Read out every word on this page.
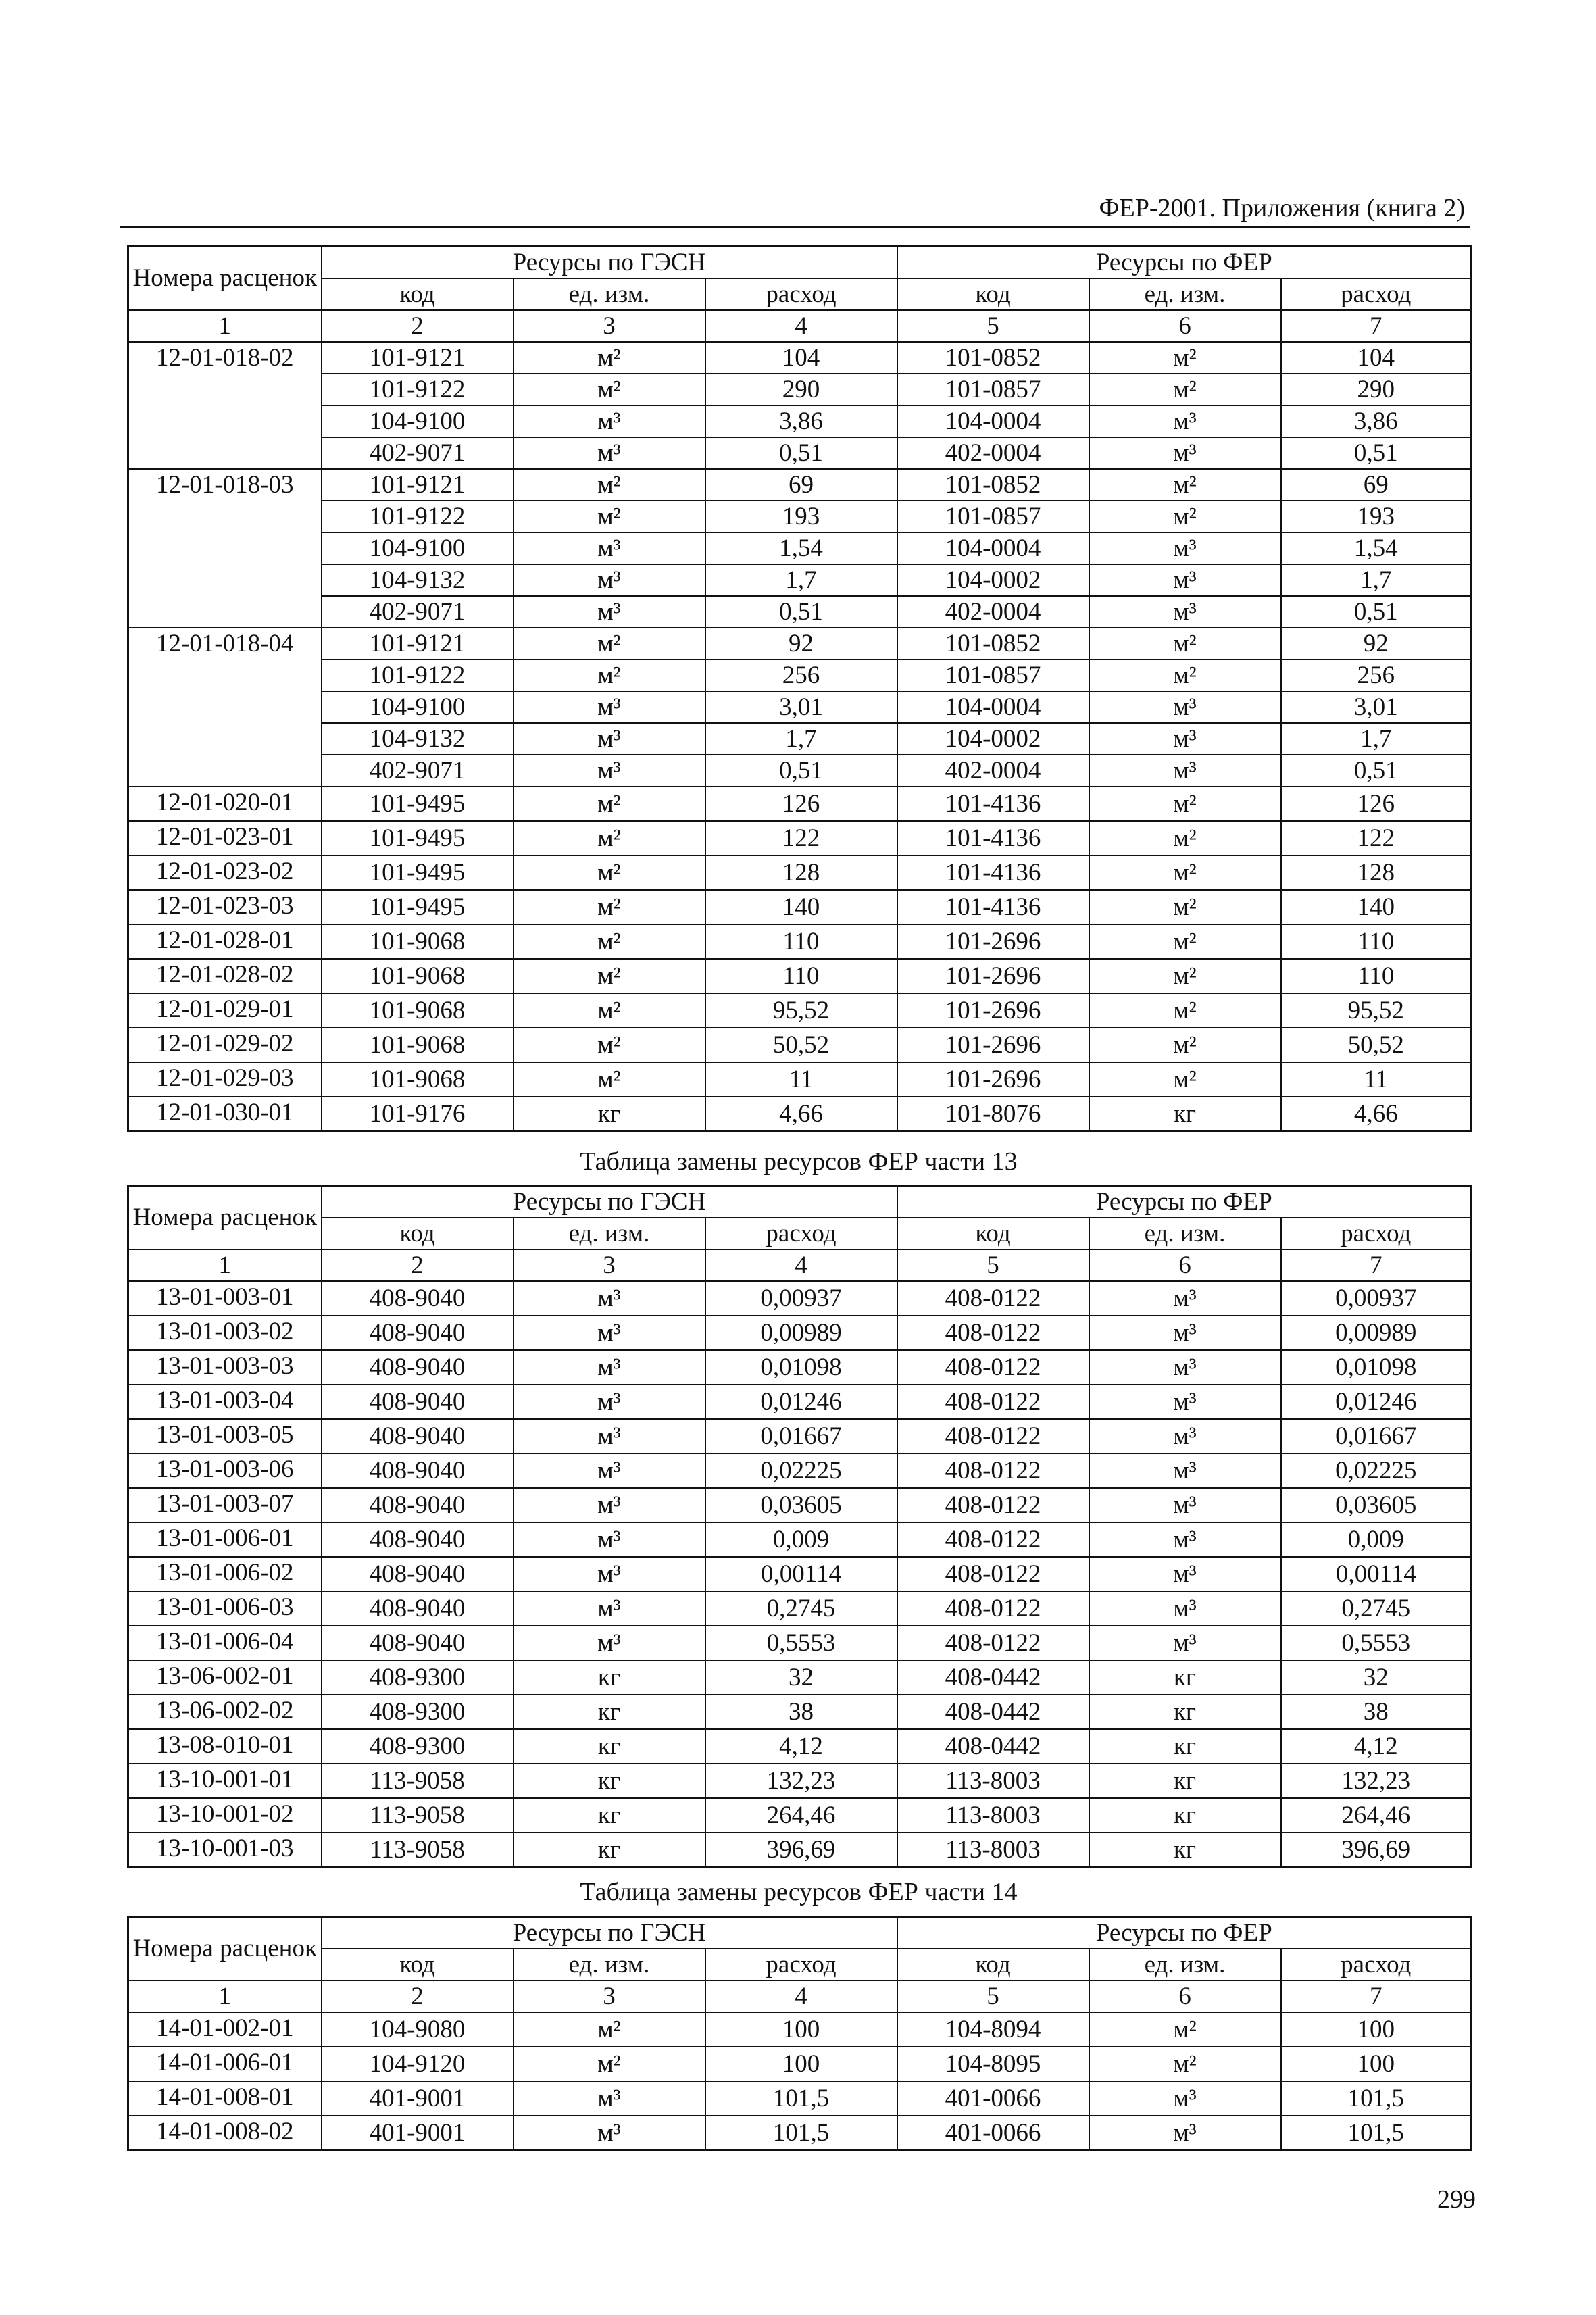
ФЕР-2001. Приложения (книга 2)
Номера расценок	Ресурсы по ГЭСН			Ресурсы по ФЕР		
	код	ед. изм.	расход	код	ед. изм.	расход
1	2	3	4	5	6	7
12-01-018-02	101-9121	м²	104	101-0852	м²	104
	101-9122	м²	290	101-0857	м²	290
	104-9100	м³	3,86	104-0004	м³	3,86
	402-9071	м³	0,51	402-0004	м³	0,51
12-01-018-03	101-9121	м²	69	101-0852	м²	69
	101-9122	м²	193	101-0857	м²	193
	104-9100	м³	1,54	104-0004	м³	1,54
	104-9132	м³	1,7	104-0002	м³	1,7
	402-9071	м³	0,51	402-0004	м³	0,51
12-01-018-04	101-9121	м²	92	101-0852	м²	92
	101-9122	м²	256	101-0857	м²	256
	104-9100	м³	3,01	104-0004	м³	3,01
	104-9132	м³	1,7	104-0002	м³	1,7
	402-9071	м³	0,51	402-0004	м³	0,51
12-01-020-01	101-9495	м²	126	101-4136	м²	126
12-01-023-01	101-9495	м²	122	101-4136	м²	122
12-01-023-02	101-9495	м²	128	101-4136	м²	128
12-01-023-03	101-9495	м²	140	101-4136	м²	140
12-01-028-01	101-9068	м²	110	101-2696	м²	110
12-01-028-02	101-9068	м²	110	101-2696	м²	110
12-01-029-01	101-9068	м²	95,52	101-2696	м²	95,52
12-01-029-02	101-9068	м²	50,52	101-2696	м²	50,52
12-01-029-03	101-9068	м²	11	101-2696	м²	11
12-01-030-01	101-9176	кг	4,66	101-8076	кг	4,66
Таблица замены ресурсов ФЕР части 13
Номера расценок	Ресурсы по ГЭСН			Ресурсы по ФЕР		
	код	ед. изм.	расход	код	ед. изм.	расход
1	2	3	4	5	6	7
13-01-003-01	408-9040	м³	0,00937	408-0122	м³	0,00937
13-01-003-02	408-9040	м³	0,00989	408-0122	м³	0,00989
13-01-003-03	408-9040	м³	0,01098	408-0122	м³	0,01098
13-01-003-04	408-9040	м³	0,01246	408-0122	м³	0,01246
13-01-003-05	408-9040	м³	0,01667	408-0122	м³	0,01667
13-01-003-06	408-9040	м³	0,02225	408-0122	м³	0,02225
13-01-003-07	408-9040	м³	0,03605	408-0122	м³	0,03605
13-01-006-01	408-9040	м³	0,009	408-0122	м³	0,009
13-01-006-02	408-9040	м³	0,00114	408-0122	м³	0,00114
13-01-006-03	408-9040	м³	0,2745	408-0122	м³	0,2745
13-01-006-04	408-9040	м³	0,5553	408-0122	м³	0,5553
13-06-002-01	408-9300	кг	32	408-0442	кг	32
13-06-002-02	408-9300	кг	38	408-0442	кг	38
13-08-010-01	408-9300	кг	4,12	408-0442	кг	4,12
13-10-001-01	113-9058	кг	132,23	113-8003	кг	132,23
13-10-001-02	113-9058	кг	264,46	113-8003	кг	264,46
13-10-001-03	113-9058	кг	396,69	113-8003	кг	396,69
Таблица замены ресурсов ФЕР части 14
Номера расценок	Ресурсы по ГЭСН			Ресурсы по ФЕР		
	код	ед. изм.	расход	код	ед. изм.	расход
1	2	3	4	5	6	7
14-01-002-01	104-9080	м²	100	104-8094	м²	100
14-01-006-01	104-9120	м²	100	104-8095	м²	100
14-01-008-01	401-9001	м³	101,5	401-0066	м³	101,5
14-01-008-02	401-9001	м³	101,5	401-0066	м³	101,5
299
